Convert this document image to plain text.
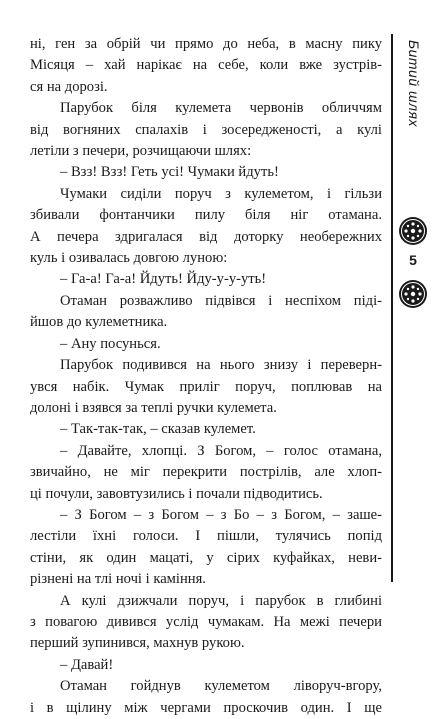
ні, ген за обрій чи прямо до неба, в масну пику
Місяця – хай нарікає на себе, коли вже зустрів-
ся на дорозі.
Парубок біля кулемета червонів обличчям
від вогняних спалахів і зосередженості, а кулі
летіли з печери, розчищаючи шлях:
– Взз! Взз! Геть усі! Чумаки йдуть!
Чумаки сиділи поруч з кулеметом, і гільзи
збивали фонтанчики пилу біля ніг отамана.
А печера здригалася від доторку необережних
куль і озивалась довгою луною:
– Га-а! Га-а! Йдуть! Йду-у-у-уть!
Отаман розважливо підвівся і неспіхом піді-
йшов до кулеметника.
– Ану посунься.
Парубок подивився на нього знизу і переверн-
увся набік. Чумак приліг поруч, поплював на
долоні і взявся за теплі ручки кулемета.
– Так-так-так, – сказав кулемет.
– Давайте, хлопці. З Богом, – голос отамана,
звичайно, не міг перекрити пострілів, але хлоп-
ці почули, завовтузились і почали підводитись.
– З Богом – з Богом – з Бо – з Богом, – заше-
лестіли їхні голоси. І пішли, тулячись попід
стіни, як один мацаті, у сірих куфайках, неви-
різнені на тлі ночі і каміння.
А кулі дзижчали поруч, і парубок в глибині
з повагою дивився услід чумакам. На межі печери
перший зупинився, махнув рукою.
– Давай!
Отаман гойднув кулеметом ліворуч-вгору,
і в щілину між чергами проскочив один. І ще
Битий шлях
5
